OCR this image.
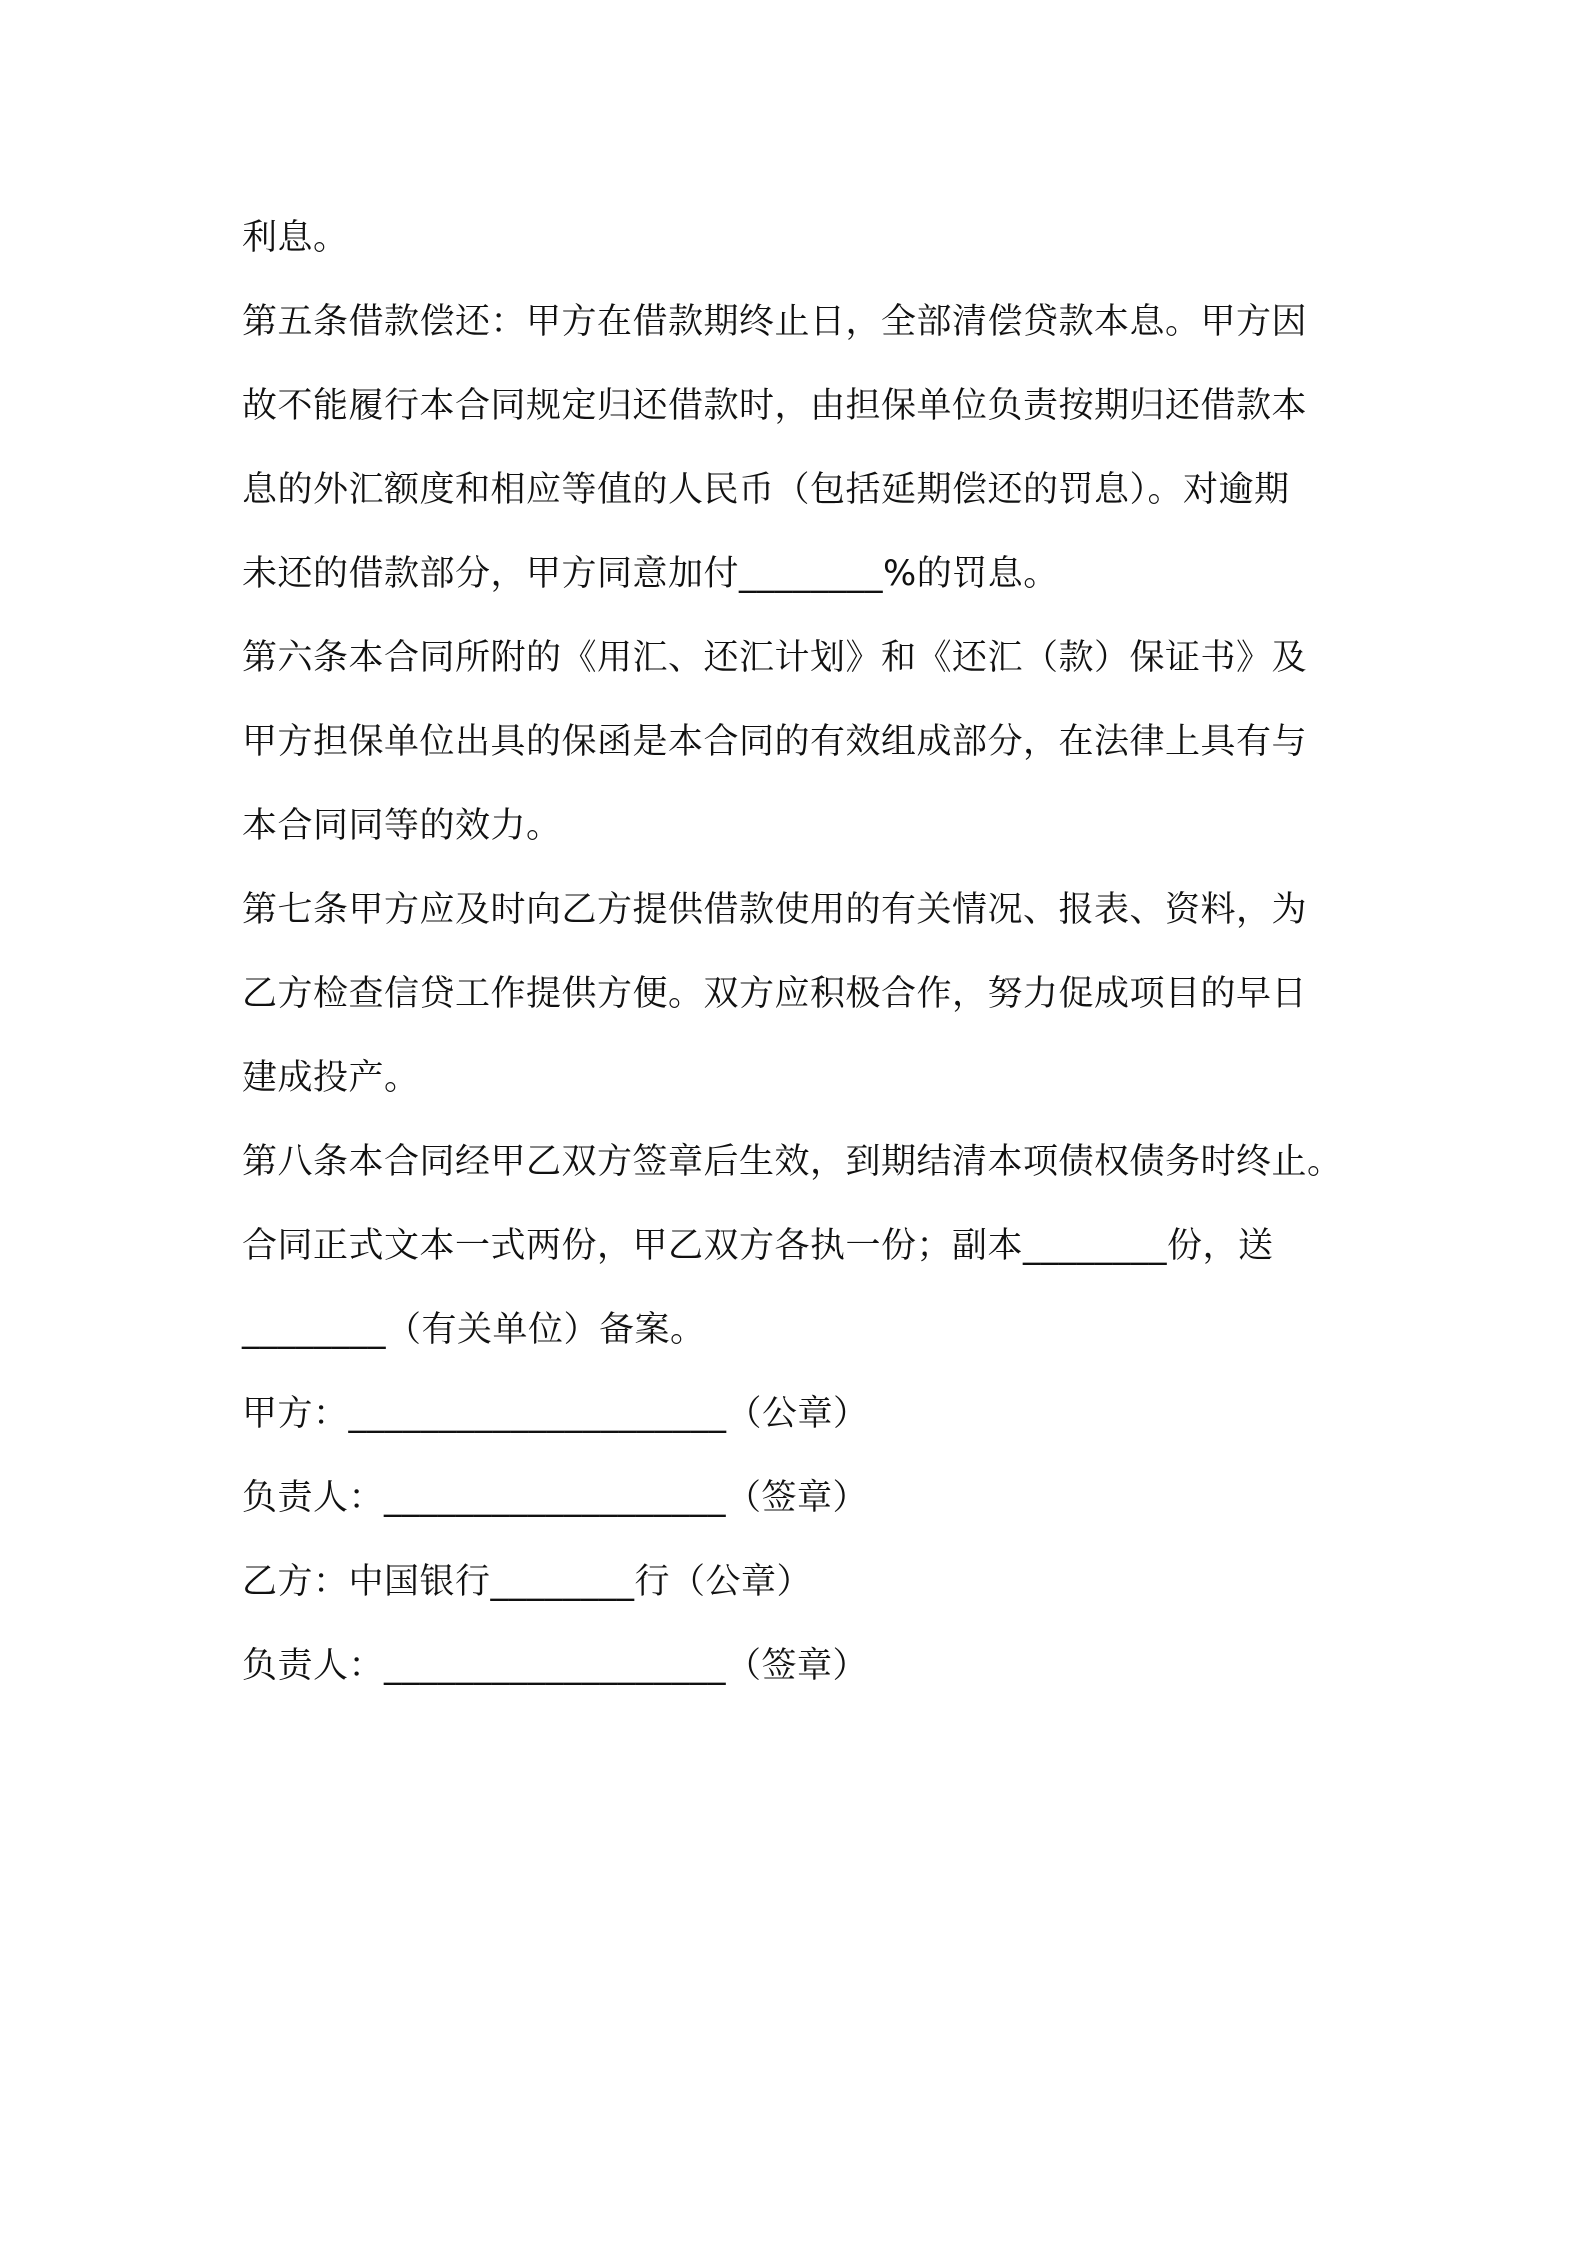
利息。
第五条借款偿还：甲方在借款期终止日，全部清偿贷款本息。甲方因
故不能履行本合同规定归还借款时，由担保单位负责按期归还借款本
息的外汇额度和相应等值的人民币（包括延期偿还的罚息）。对逾期
未还的借款部分，甲方同意加付________%的罚息。
第六条本合同所附的《用汇、还汇计划》和《还汇（款）保证书》及
甲方担保单位出具的保函是本合同的有效组成部分，在法律上具有与
本合同同等的效力。
第七条甲方应及时向乙方提供借款使用的有关情况、报表、资料，为
乙方检查信贷工作提供方便。双方应积极合作，努力促成项目的早日
建成投产。
第八条本合同经甲乙双方签章后生效，到期结清本项债权债务时终止。
合同正式文本一式两份，甲乙双方各执一份；副本________份，送
________（有关单位）备案。
甲方：_____________________（公章）
负责人：___________________（签章）
乙方：中国银行________行（公章）
负责人：___________________（签章）
